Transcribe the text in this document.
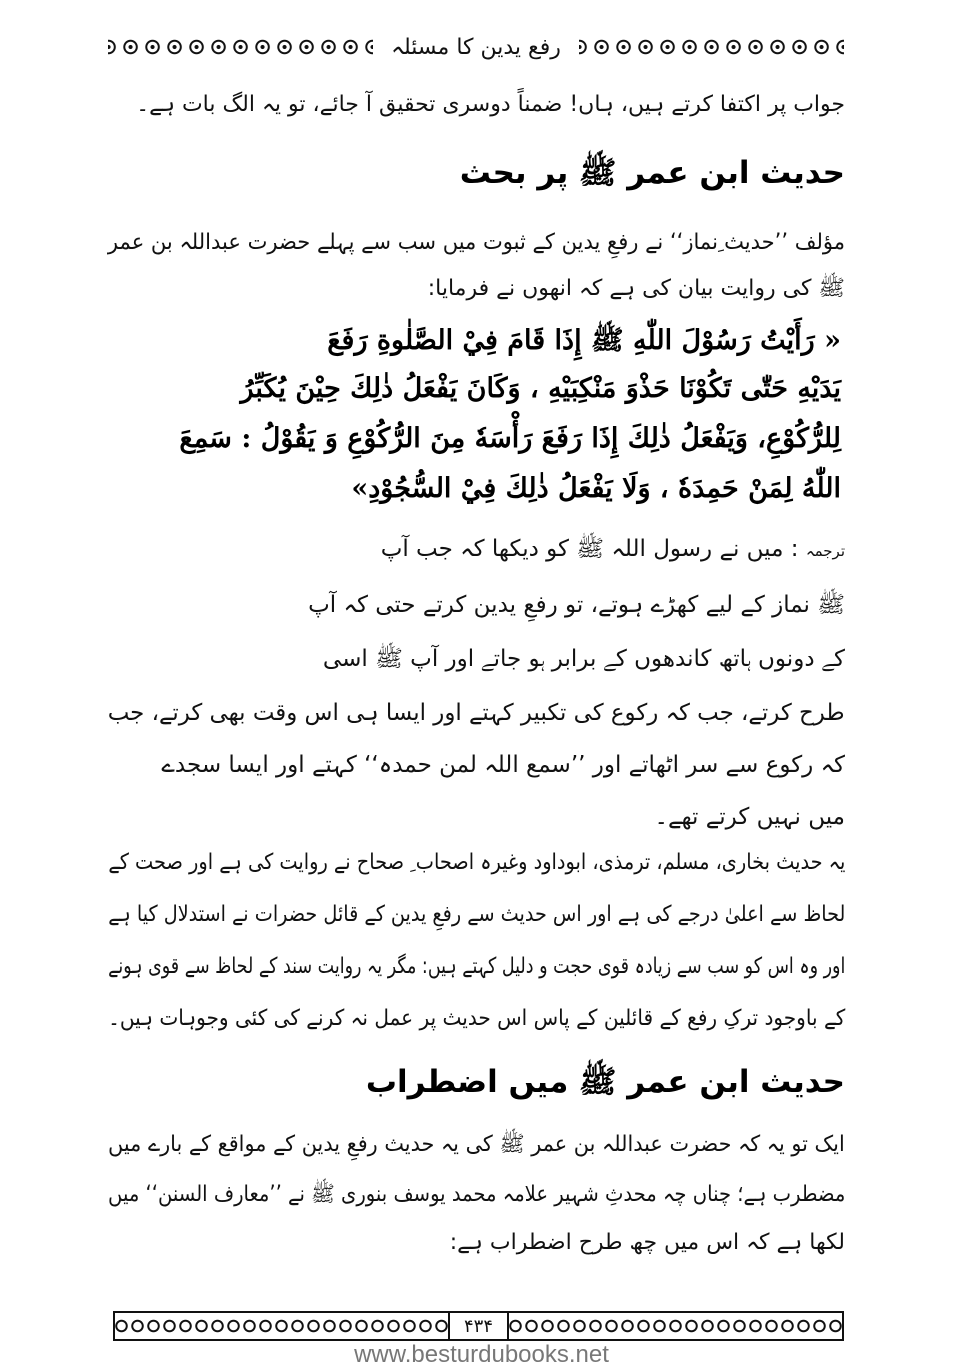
رفع یدین کا مسئلہ
جواب پر اکتفا کرتے ہیں، ہاں! ضمناً دوسری تحقیق آ جائے، تو یہ الگ بات ہے۔
حدیث ابن عمر ﷺ پر بحث
مؤلف ’’حدیث ِنماز‘‘ نے رفعِ یدین کے ثبوت میں سب سے پہلے حضرت عبداللہ بن عمر
ﷺ کی روایت بیان کی ہے کہ انھوں نے فرمایا:
« رَأَيْتُ رَسُوْلَ اللّٰهِ ﷺ إِذَا قَامَ فِيْ الصَّلٰوةِ رَفَعَ
يَدَيْهِ حَتّٰى تَكُوْنَا حَذْوَ مَنْكِبَيْهِ ، وَكَانَ يَفْعَلُ ذٰلِكَ حِيْنَ يُكَبِّرُ
لِلرُّكُوْعِ، وَيَفْعَلُ ذٰلِكَ إِذَا رَفَعَ رَأْسَهٗ مِنَ الرُّكُوْعِ وَ يَقُوْلُ : سَمِعَ
اللّٰهُ لِمَنْ حَمِدَهٗ ، وَلَا يَفْعَلُ ذٰلِكَ فِيْ السُّجُوْدِ»
ترجمہ : میں نے رسول اللہ ﷺ کو دیکھا کہ جب آپ
ﷺ نماز کے لیے کھڑے ہوتے، تو رفعِ یدین کرتے حتی کہ آپ
کے دونوں ہاتھ کاندھوں کے برابر ہو جاتے اور آپ ﷺ اسی
طرح کرتے، جب کہ رکوع کی تکبیر کہتے اور ایسا ہی اس وقت بھی کرتے، جب
کہ رکوع سے سر اٹھاتے اور ’’سمع اللہ لمن حمدہ‘‘ کہتے اور ایسا سجدے
میں نہیں کرتے تھے۔
یہ حدیث بخاری، مسلم، ترمذی، ابوداود وغیرہ اصحاب ِ صحاح نے روایت کی ہے اور صحت کے
لحاظ سے اعلیٰ درجے کی ہے اور اس حدیث سے رفعِ یدین کے قائل حضرات نے استدلال کیا ہے
اور وہ اس کو سب سے زیادہ قوی حجت و دلیل کہتے ہیں: مگر یہ روایت سند کے لحاظ سے قوی ہونے
کے باوجود ترکِ رفع کے قائلین کے پاس اس حدیث پر عمل نہ کرنے کی کئی وجوہات ہیں۔
حدیث ابن عمر ﷺ میں اضطراب
ایک تو یہ کہ حضرت عبداللہ بن عمر ﷺ کی یہ حدیث رفعِ یدین کے مواقع کے بارے میں
مضطرب ہے؛ چناں چہ محدثِ شہیر علامہ محمد یوسف بنوری ﷺ نے ’’معارف السنن‘‘ میں
لکھا ہے کہ اس میں چھ طرح اضطراب ہے:
۴۳۴
www.besturdubooks.net
